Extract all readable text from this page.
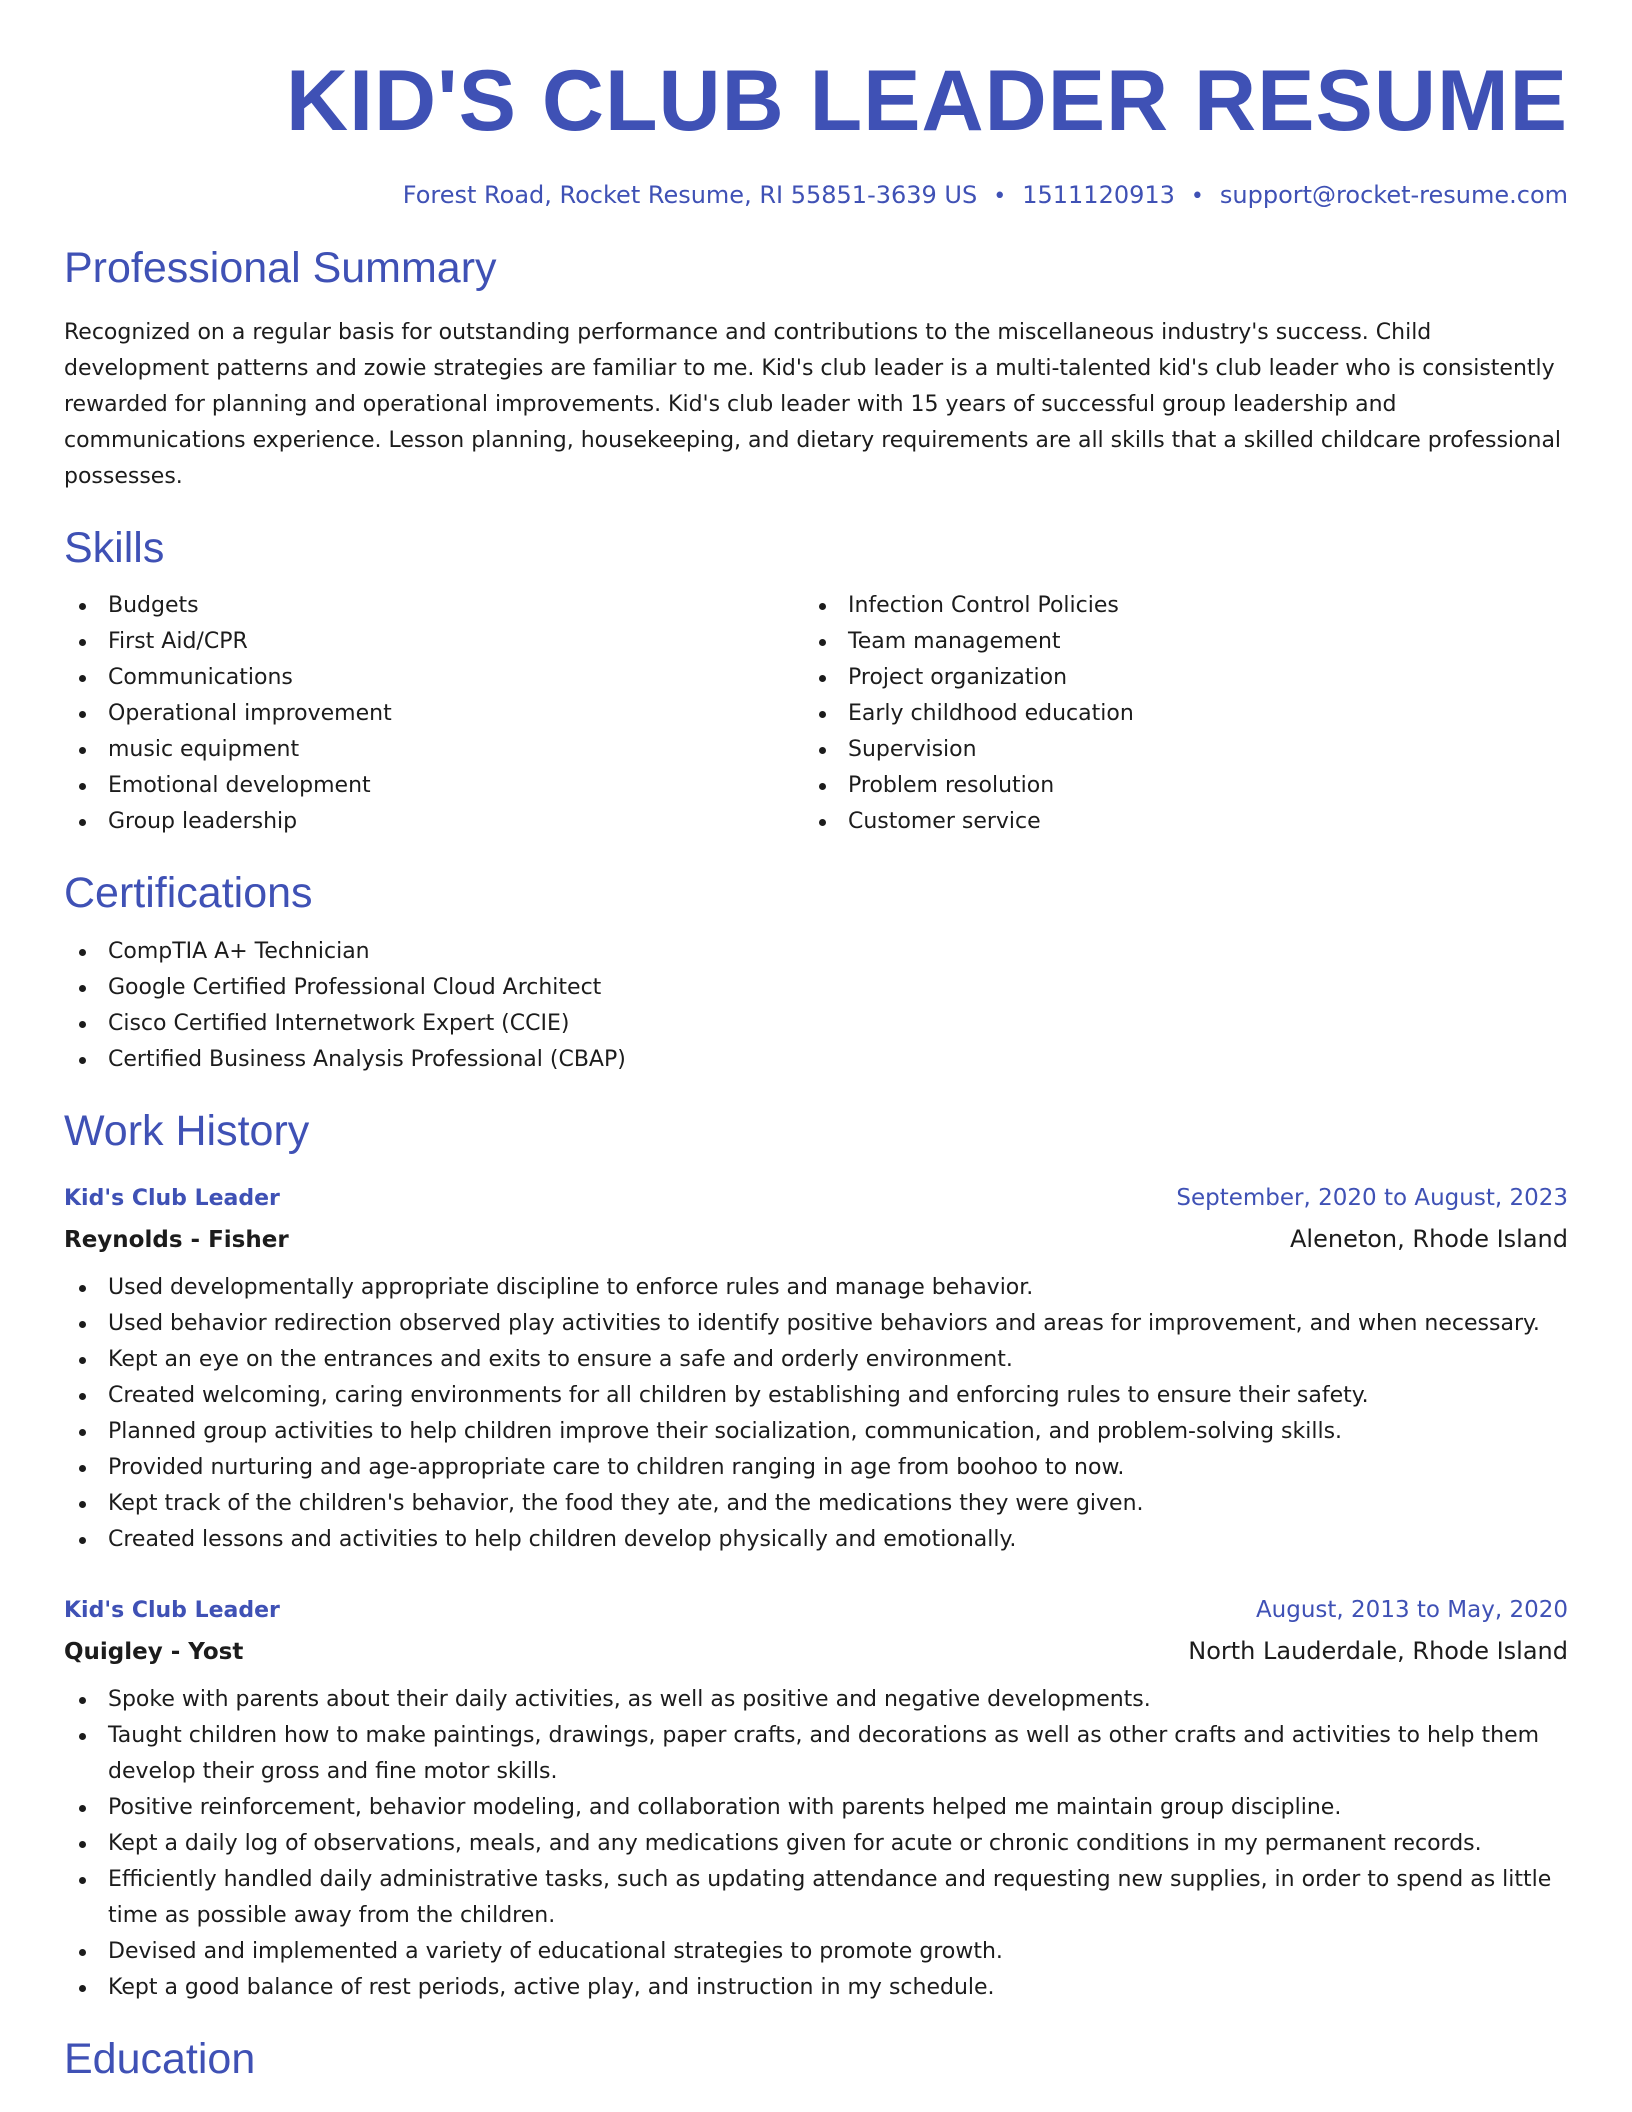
KID'S CLUB LEADER RESUME
Forest Road, Rocket Resume, RI 55851-3639 US • 1511120913 • support@rocket-resume.com
Professional Summary
Recognized on a regular basis for outstanding performance and contributions to the miscellaneous industry's success. Child development patterns and zowie strategies are familiar to me. Kid's club leader is a multi-talented kid's club leader who is consistently rewarded for planning and operational improvements. Kid's club leader with 15 years of successful group leadership and communications experience. Lesson planning, housekeeping, and dietary requirements are all skills that a skilled childcare professional possesses.
Skills
Budgets
First Aid/CPR
Communications
Operational improvement
music equipment
Emotional development
Group leadership
Infection Control Policies
Team management
Project organization
Early childhood education
Supervision
Problem resolution
Customer service
Certifications
CompTIA A+ Technician
Google Certified Professional Cloud Architect
Cisco Certified Internetwork Expert (CCIE)
Certified Business Analysis Professional (CBAP)
Work History
Kid's Club Leader	September, 2020 to August, 2023
Reynolds - Fisher	Aleneton, Rhode Island
Used developmentally appropriate discipline to enforce rules and manage behavior.
Used behavior redirection observed play activities to identify positive behaviors and areas for improvement, and when necessary.
Kept an eye on the entrances and exits to ensure a safe and orderly environment.
Created welcoming, caring environments for all children by establishing and enforcing rules to ensure their safety.
Planned group activities to help children improve their socialization, communication, and problem-solving skills.
Provided nurturing and age-appropriate care to children ranging in age from boohoo to now.
Kept track of the children's behavior, the food they ate, and the medications they were given.
Created lessons and activities to help children develop physically and emotionally.
Kid's Club Leader	August, 2013 to May, 2020
Quigley - Yost	North Lauderdale, Rhode Island
Spoke with parents about their daily activities, as well as positive and negative developments.
Taught children how to make paintings, drawings, paper crafts, and decorations as well as other crafts and activities to help them develop their gross and fine motor skills.
Positive reinforcement, behavior modeling, and collaboration with parents helped me maintain group discipline.
Kept a daily log of observations, meals, and any medications given for acute or chronic conditions in my permanent records.
Efficiently handled daily administrative tasks, such as updating attendance and requesting new supplies, in order to spend as little time as possible away from the children.
Devised and implemented a variety of educational strategies to promote growth.
Kept a good balance of rest periods, active play, and instruction in my schedule.
Education
